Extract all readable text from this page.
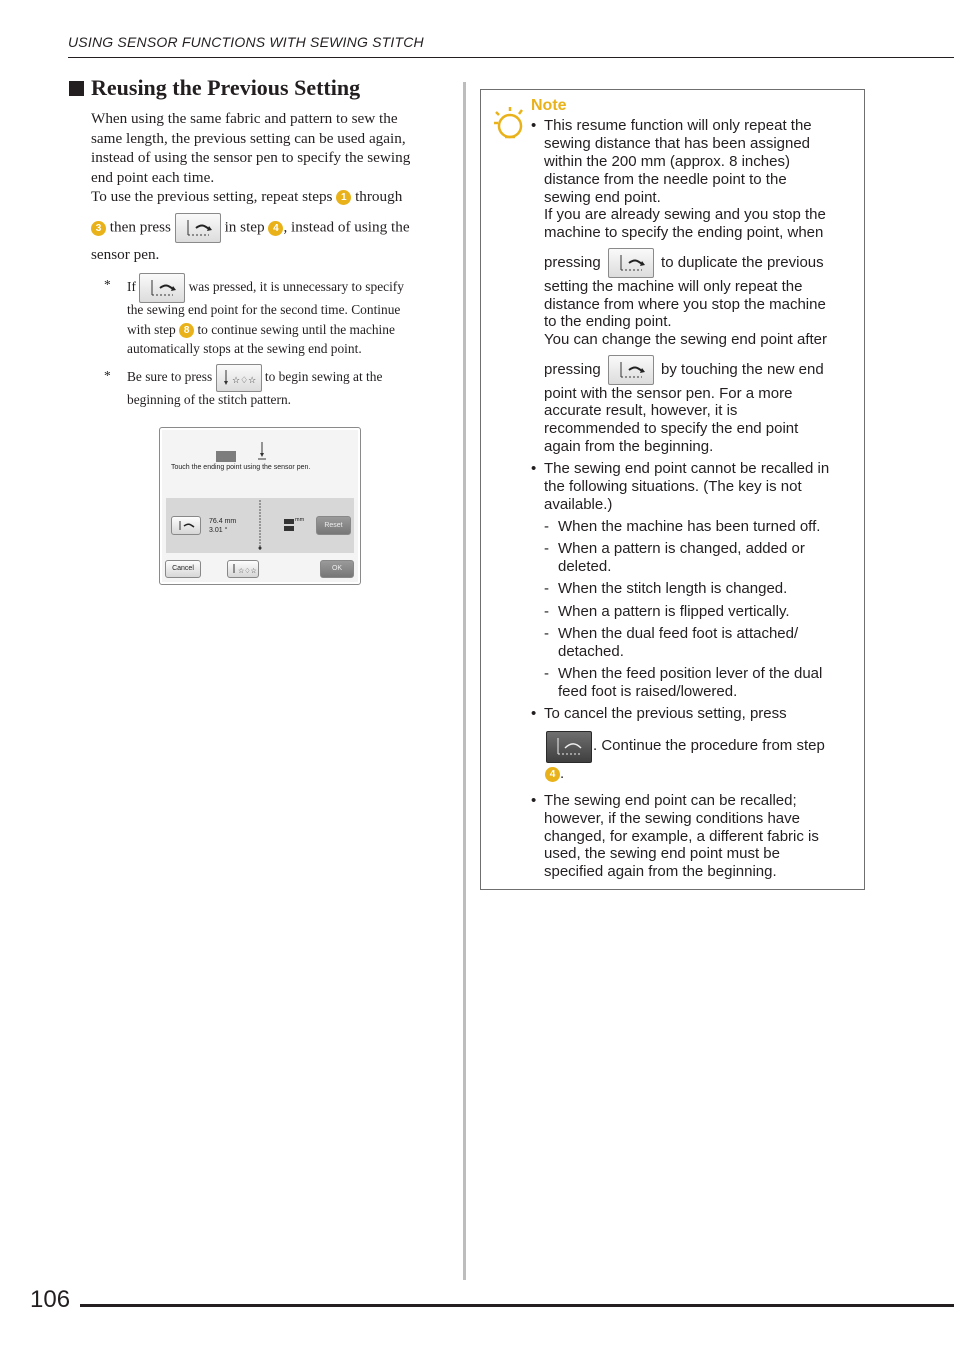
USING SENSOR FUNCTIONS WITH SEWING STITCH
Reusing the Previous Setting
When using the same fabric and pattern to sew the
same length, the previous setting can be used again,
instead of using the sensor pen to specify the sewing
end point each time.
To use the previous setting, repeat steps 1 through
3 then press	in step 4 , instead of using the
sensor pen.
* If	was pressed, it is unnecessary to specify
the sewing end point for the second time. Continue
with step 8 to continue sewing until the machine
automatically stops at the sewing end point.
* Be sure to press ☆♢☆ to begin sewing at the
beginning of the stitch pattern.
Touch the ending point using the sensor pen.
76.4 mm
3.01 °
mm
Reset
Cancel	☆♢☆	OK
Note
• This resume function will only repeat the
sewing distance that has been assigned
within the 200 mm (approx. 8 inches)
distance from the needle point to the
sewing end point.
If you are already sewing and you stop the
machine to specify the ending point, when
pressing	to duplicate the previous
setting the machine will only repeat the
distance from where you stop the machine
to the ending point.
You can change the sewing end point after
pressing	by touching the new end
point with the sensor pen. For a more
accurate result, however, it is
recommended to specify the end point
again from the beginning.
• The sewing end point cannot be recalled in
the following situations. (The key is not
available.)
- When the machine has been turned off.
- When a pattern is changed, added or
deleted.
- When the stitch length is changed.
- When a pattern is flipped vertically.
- When the dual feed foot is attached/
detached.
- When the feed position lever of the dual
feed foot is raised/lowered.
• To cancel the previous setting, press
. Continue the procedure from step
4 .
• The sewing end point can be recalled;
however, if the sewing conditions have
changed, for example, a different fabric is
used, the sewing end point must be
specified again from the beginning.
106
